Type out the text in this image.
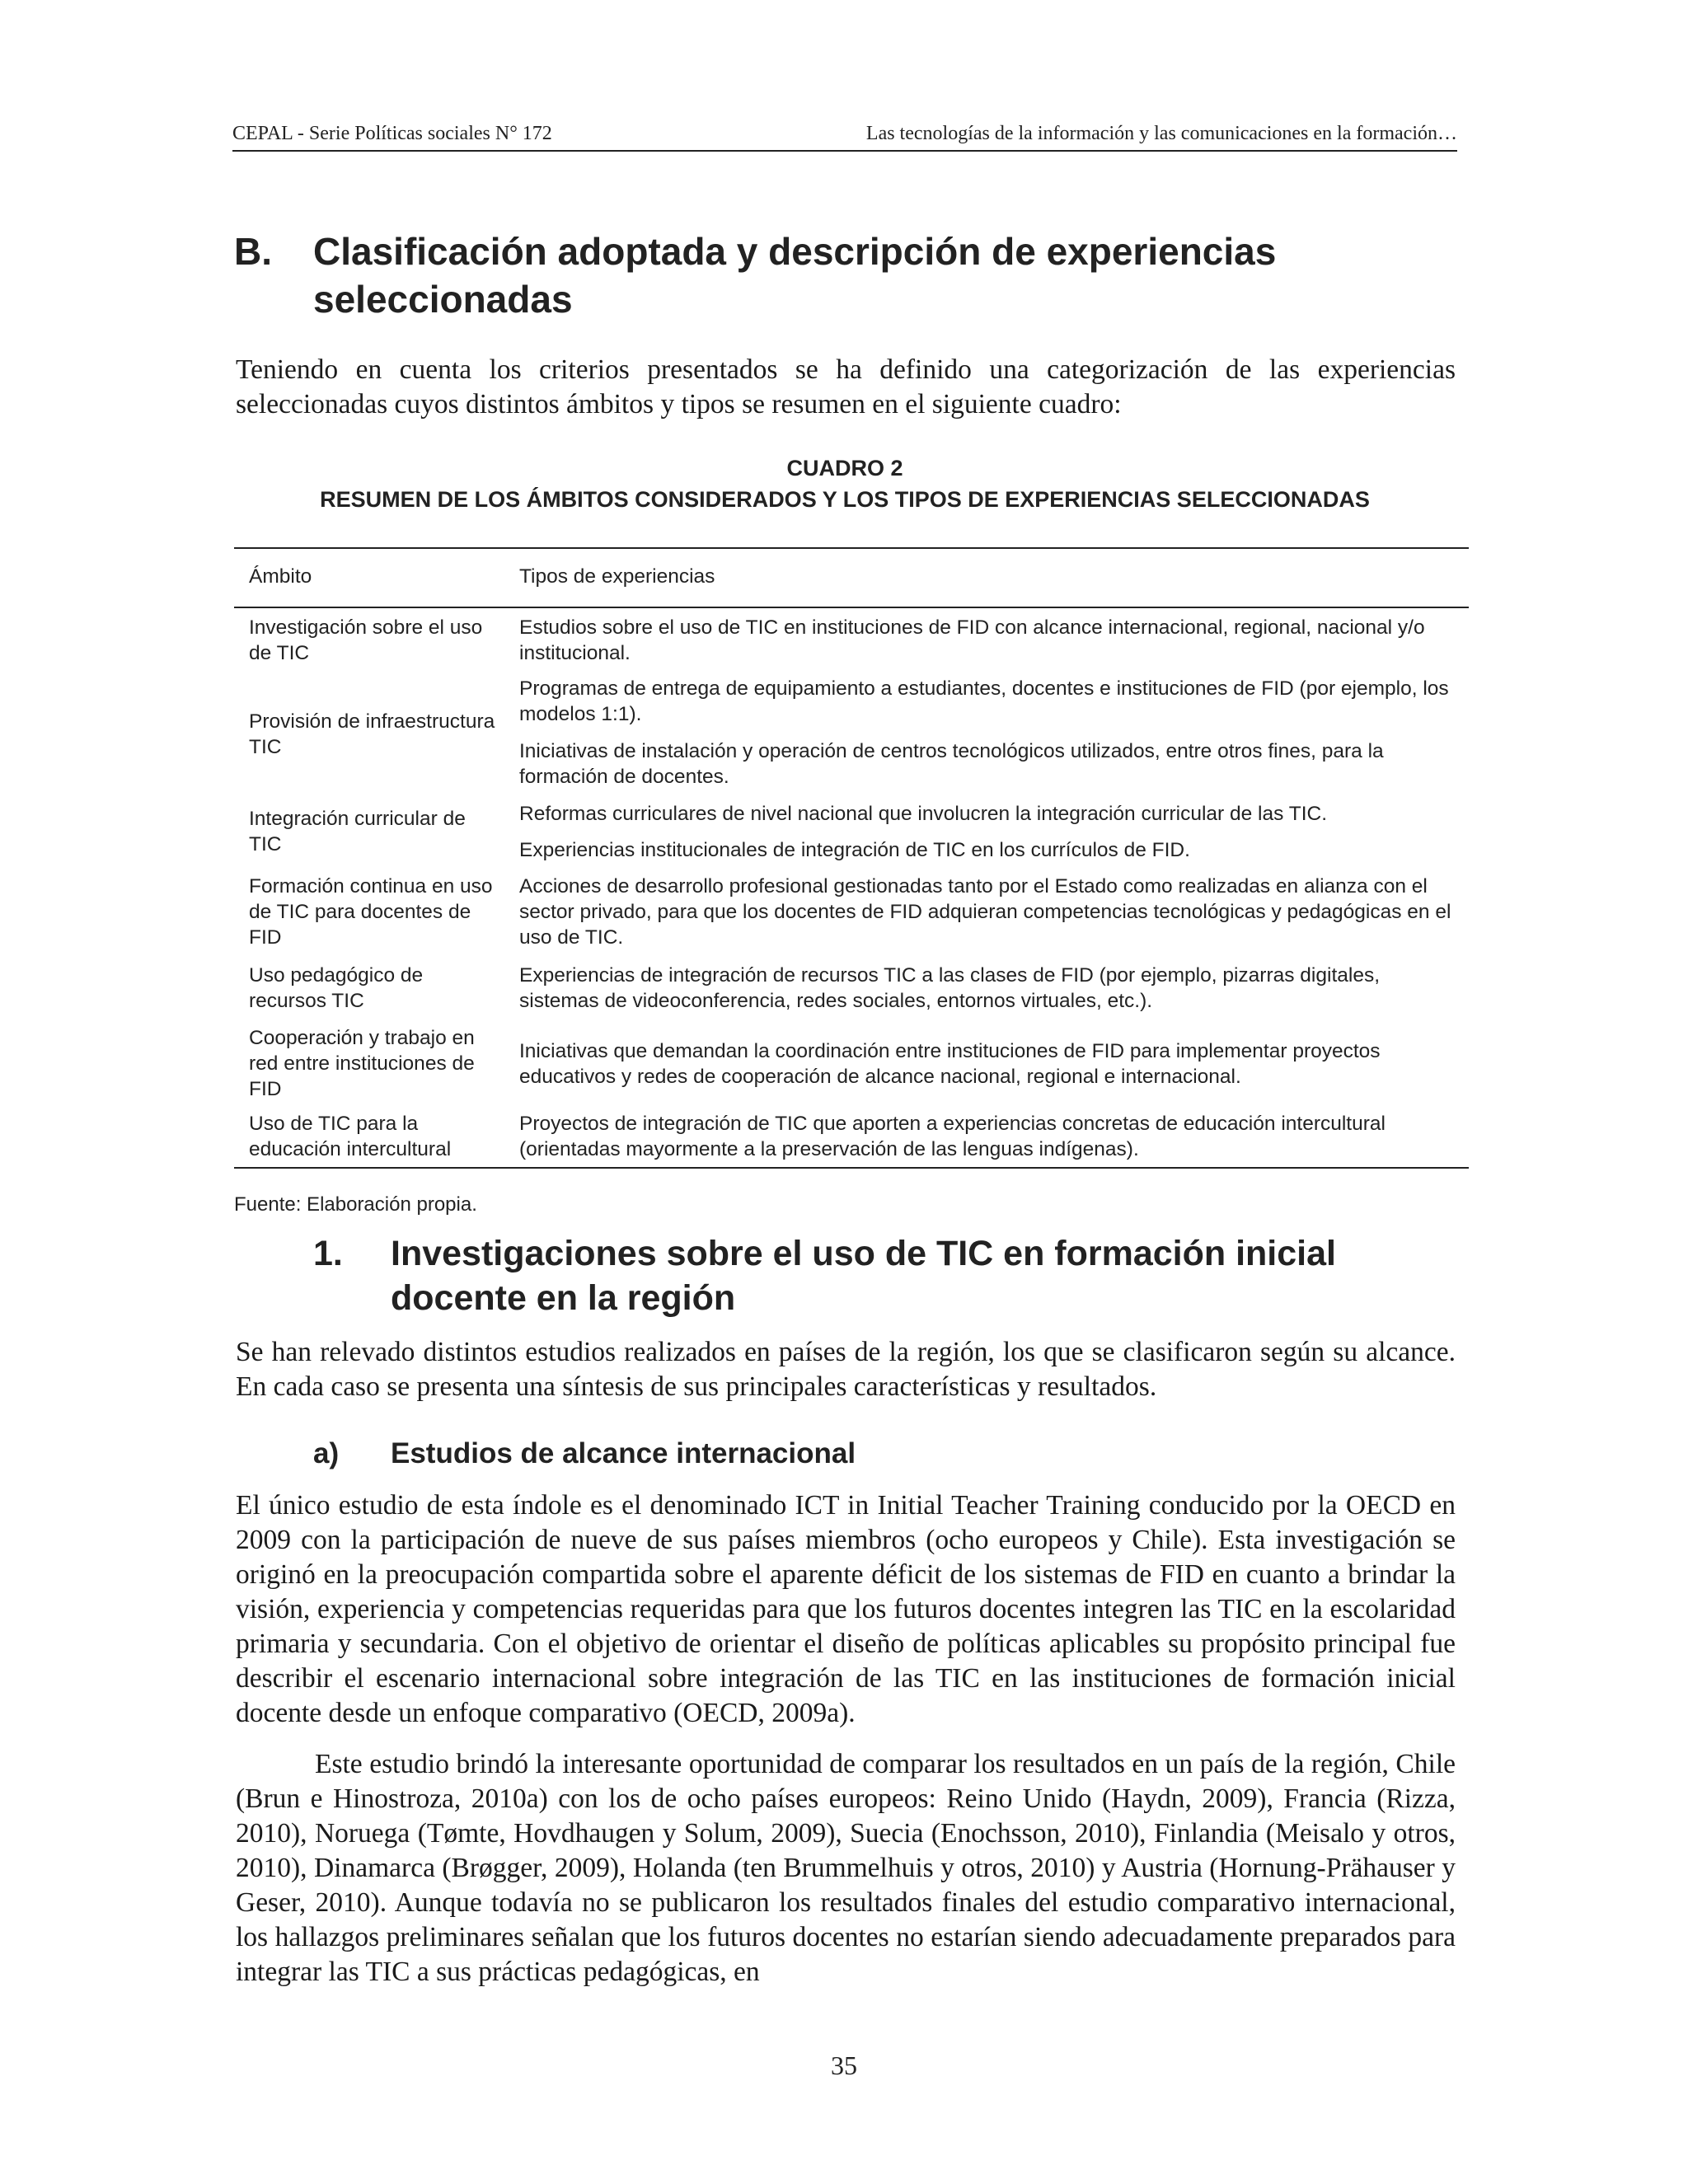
CEPAL - Serie Políticas sociales N° 172	Las tecnologías de la información y las comunicaciones en la formación…
B. Clasificación adoptada y descripción de experiencias seleccionadas
Teniendo en cuenta los criterios presentados se ha definido una categorización de las experiencias seleccionadas cuyos distintos ámbitos y tipos se resumen en el siguiente cuadro:
CUADRO 2
RESUMEN DE LOS ÁMBITOS CONSIDERADOS Y LOS TIPOS DE EXPERIENCIAS SELECCIONADAS
Ámbito	Tipos de experiencias
Investigación sobre el uso de TIC
Estudios sobre el uso de TIC en instituciones de FID con alcance internacional, regional, nacional y/o institucional.
Provisión de infraestructura TIC
Programas de entrega de equipamiento a estudiantes, docentes e instituciones de FID (por ejemplo, los modelos 1:1).
Iniciativas de instalación y operación de centros tecnológicos utilizados, entre otros fines, para la formación de docentes.
Integración curricular de TIC
Reformas curriculares de nivel nacional que involucren la integración curricular de las TIC.
Experiencias institucionales de integración de TIC en los currículos de FID.
Formación continua en uso de TIC para docentes de FID
Acciones de desarrollo profesional gestionadas tanto por el Estado como realizadas en alianza con el sector privado, para que los docentes de FID adquieran competencias tecnológicas y pedagógicas en el uso de TIC.
Uso pedagógico de recursos TIC
Experiencias de integración de recursos TIC a las clases de FID (por ejemplo, pizarras digitales, sistemas de videoconferencia, redes sociales, entornos virtuales, etc.).
Cooperación y trabajo en red entre instituciones de FID
Iniciativas que demandan la coordinación entre instituciones de FID para implementar proyectos educativos y redes de cooperación de alcance nacional, regional e internacional.
Uso de TIC para la educación intercultural
Proyectos de integración de TIC que aporten a experiencias concretas de educación intercultural (orientadas mayormente a la preservación de las lenguas indígenas).
Fuente: Elaboración propia.
1. Investigaciones sobre el uso de TIC en formación inicial docente en la región
Se han relevado distintos estudios realizados en países de la región, los que se clasificaron según su alcance. En cada caso se presenta una síntesis de sus principales características y resultados.
a) Estudios de alcance internacional
El único estudio de esta índole es el denominado ICT in Initial Teacher Training conducido por la OECD en 2009 con la participación de nueve de sus países miembros (ocho europeos y Chile). Esta investigación se originó en la preocupación compartida sobre el aparente déficit de los sistemas de FID en cuanto a brindar la visión, experiencia y competencias requeridas para que los futuros docentes integren las TIC en la escolaridad primaria y secundaria. Con el objetivo de orientar el diseño de políticas aplicables su propósito principal fue describir el escenario internacional sobre integración de las TIC en las instituciones de formación inicial docente desde un enfoque comparativo (OECD, 2009a).
Este estudio brindó la interesante oportunidad de comparar los resultados en un país de la región, Chile (Brun e Hinostroza, 2010a) con los de ocho países europeos: Reino Unido (Haydn, 2009), Francia (Rizza, 2010), Noruega (Tømte, Hovdhaugen y Solum, 2009), Suecia (Enochsson, 2010), Finlandia (Meisalo y otros, 2010), Dinamarca (Brøgger, 2009), Holanda (ten Brummelhuis y otros, 2010) y Austria (Hornung-Prähauser y Geser, 2010). Aunque todavía no se publicaron los resultados finales del estudio comparativo internacional, los hallazgos preliminares señalan que los futuros docentes no estarían siendo adecuadamente preparados para integrar las TIC a sus prácticas pedagógicas, en
35
